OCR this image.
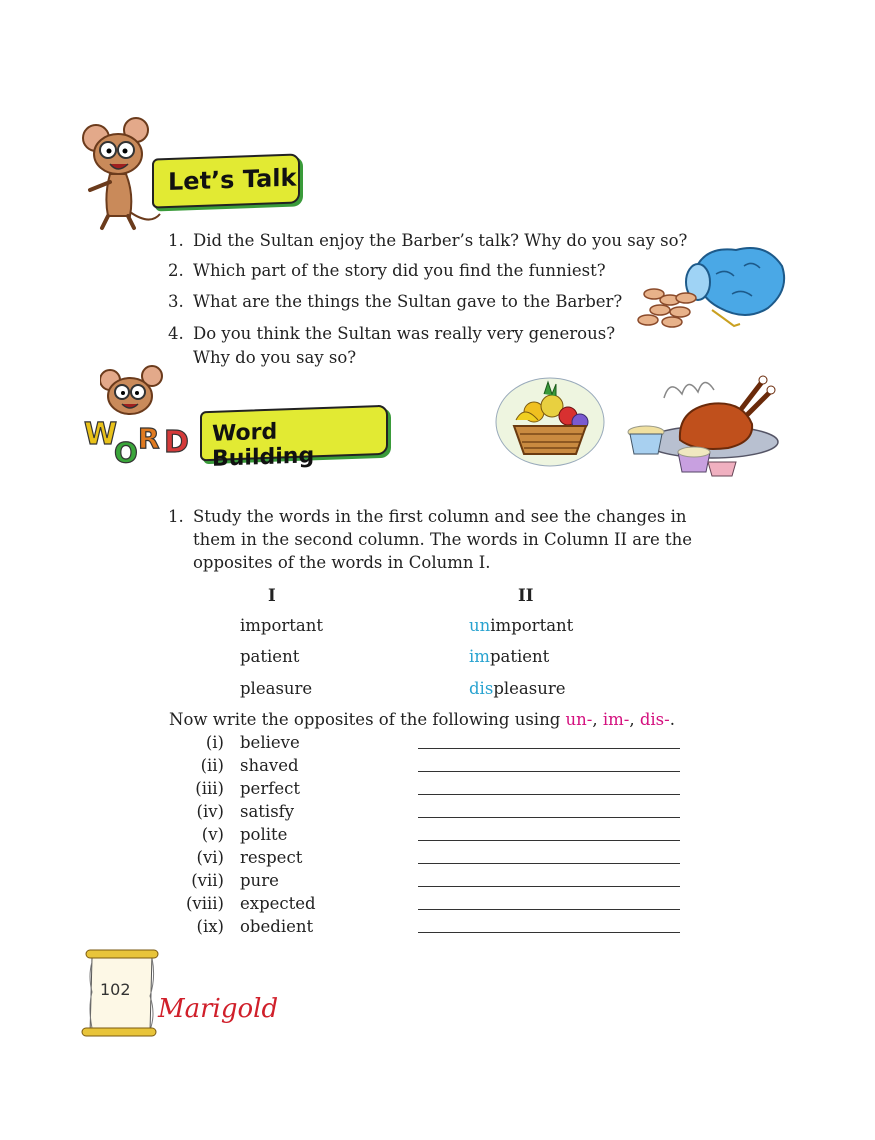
Let’s Talk
1. Did the Sultan enjoy the Barber’s talk? Why do you say so?
2. Which part of the story did you find the funniest?
3. What are the things the Sultan gave to the Barber?
4. Do you think the Sultan was really very generous?
Why do you say so?
W
O R D	Word Building
1. Study the words in the first column and see the changes in
them in the second column. The words in Column II are the
opposites of the words in Column I.
I	II
important	unimportant
patient	impatient
pleasure	displeasure
Now write the opposites of the following using un-, im-, dis-.
(i) believe
(ii) shaved
(iii) perfect
(iv) satisfy
(v) polite
(vi) respect
(vii) pure
(viii) expected
(ix) obedient
102
Marigold
